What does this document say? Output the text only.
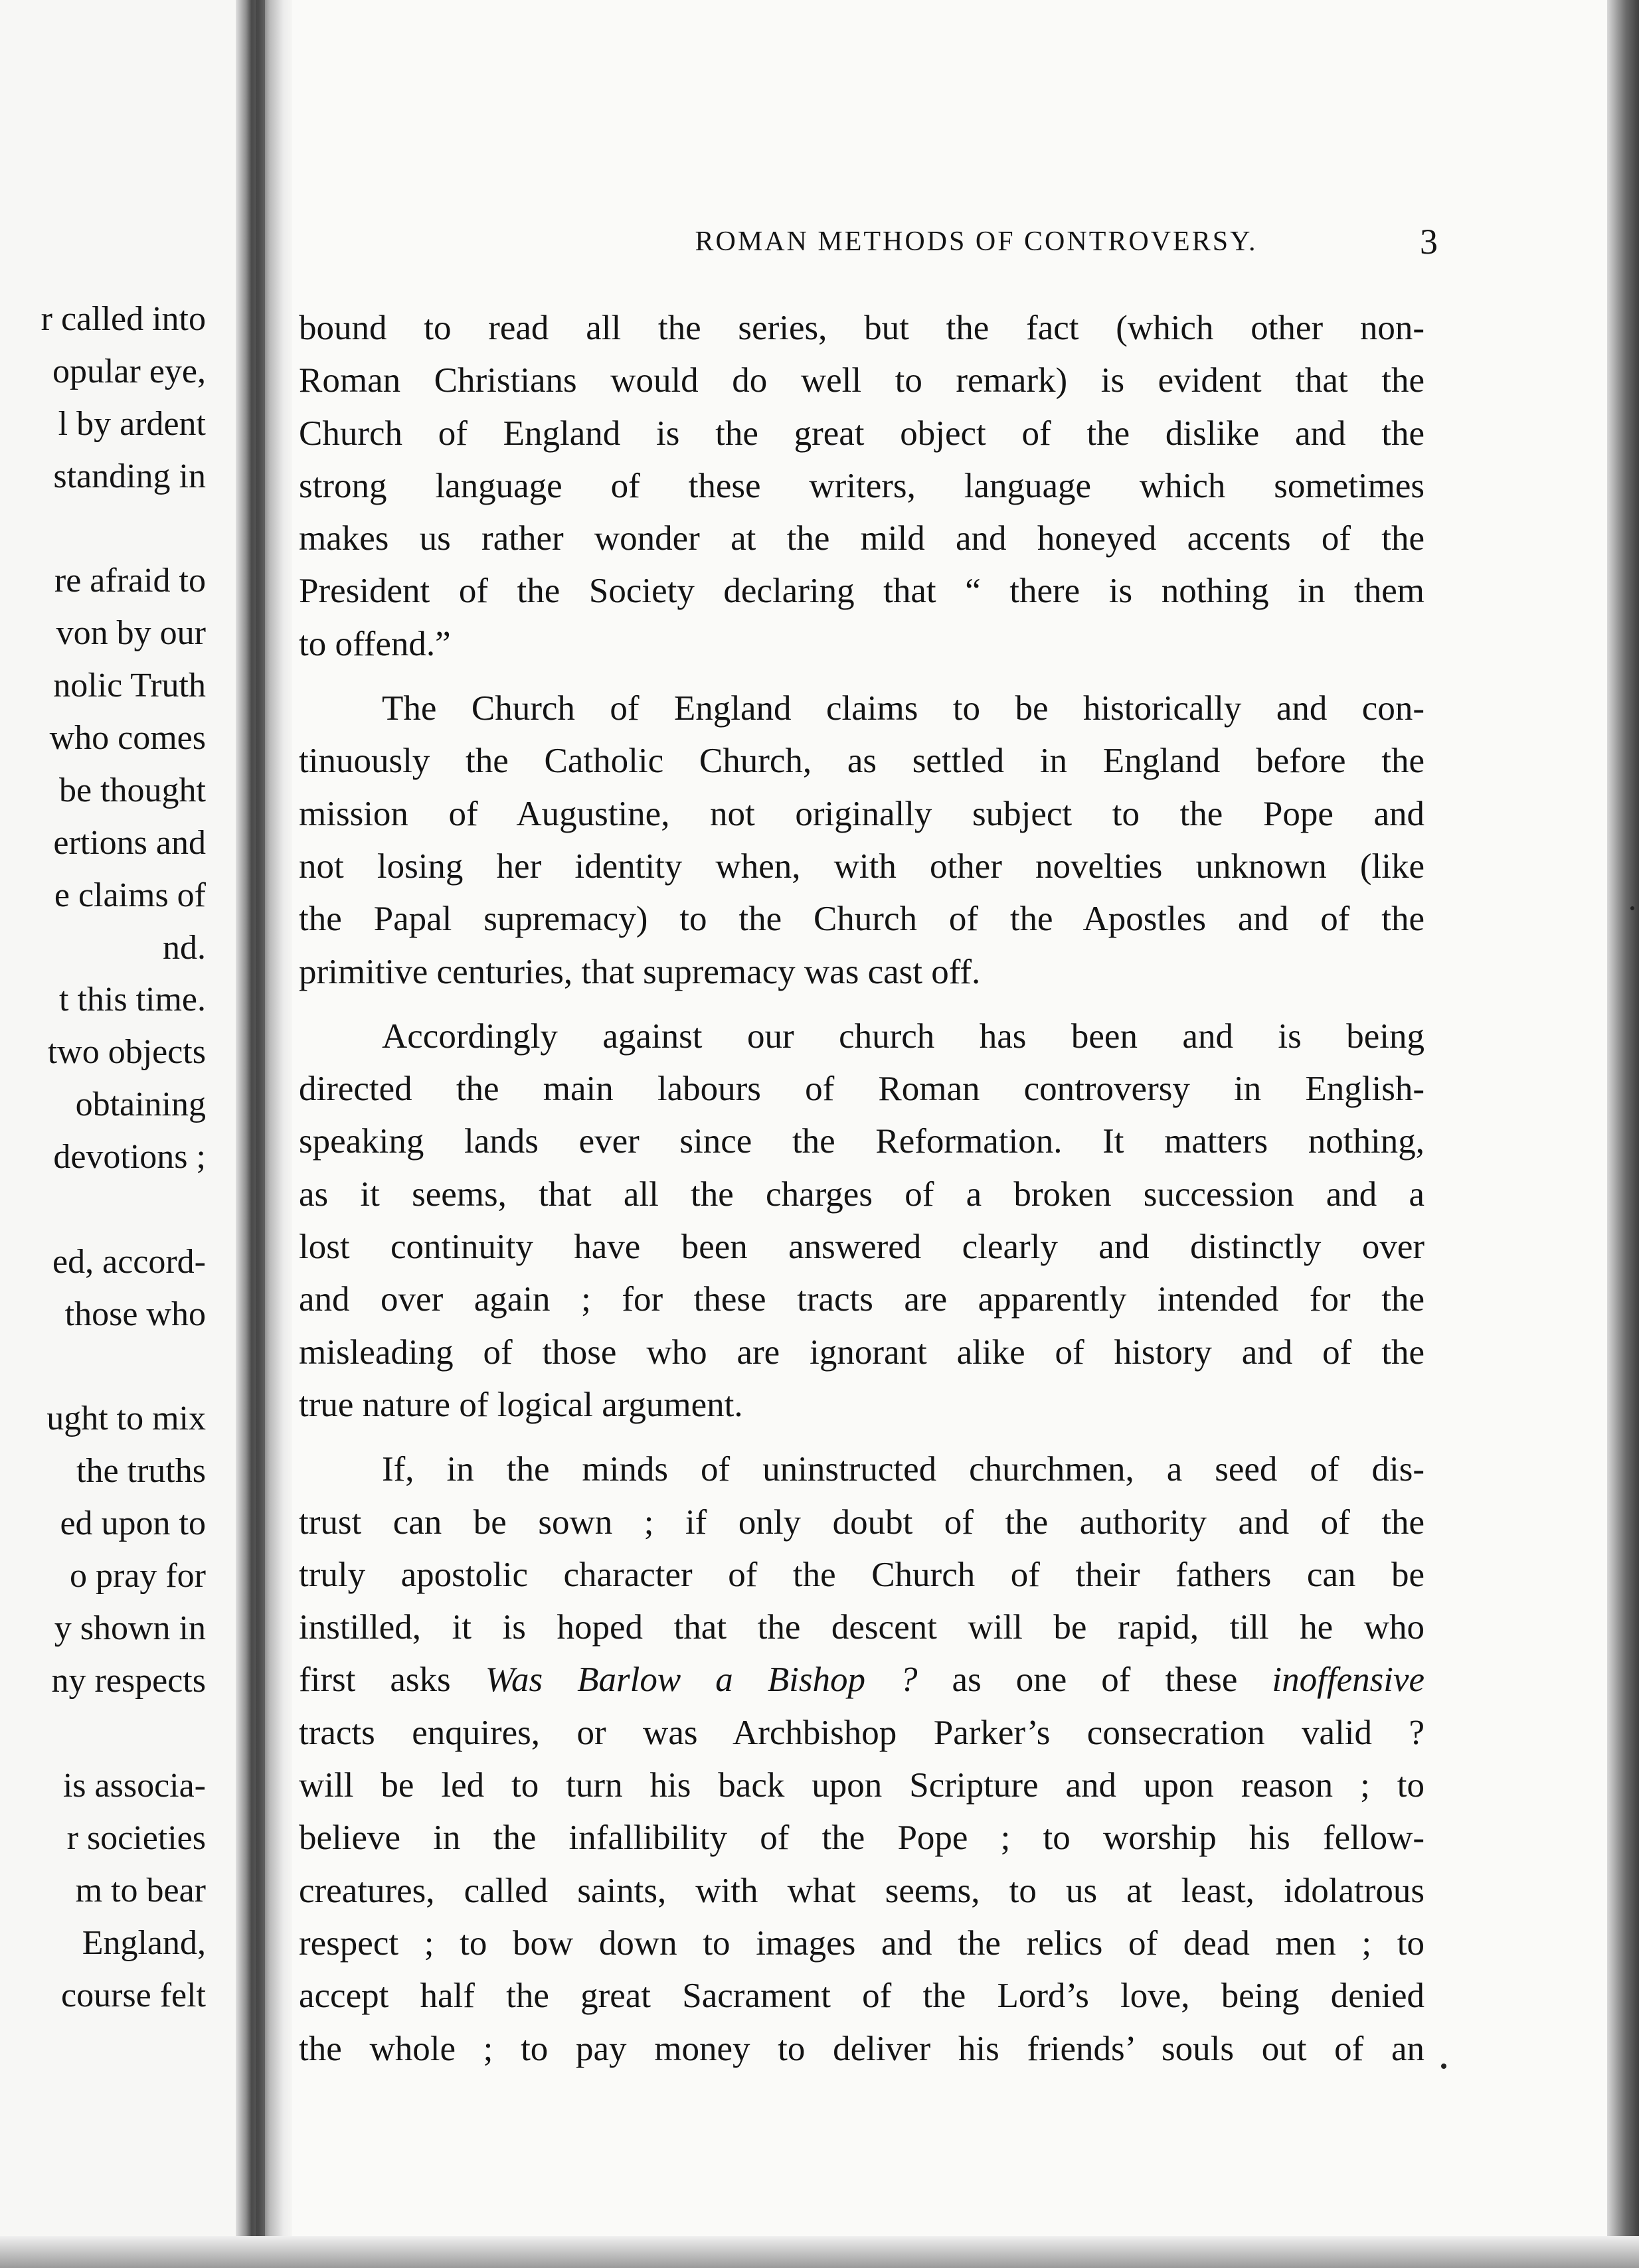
r called into
opular eye,
l by ardent
standing in
re afraid to
von by our
nolic Truth
who comes
be thought
ertions and
e claims of
nd.
t this time.
two objects
obtaining
devotions ;
ed, accord-
those who
ught to mix
the truths
ed upon to
o pray for
y shown in
ny respects
is associa-
r societies
m to bear
England,
course felt
ROMAN METHODS OF CONTROVERSY.	3
bound to read all the series, but the fact (which other non-
Roman Christians would do well to remark) is evident that the
Church of England is the great object of the dislike and the
strong language of these writers, language which sometimes
makes us rather wonder at the mild and honeyed accents of the
President of the Society declaring that “ there is nothing in them
to offend.”
The Church of England claims to be historically and con-
tinuously the Catholic Church, as settled in England before the
mission of Augustine, not originally subject to the Pope and
not losing her identity when, with other novelties unknown (like
the Papal supremacy) to the Church of the Apostles and of the
primitive centuries, that supremacy was cast off.
Accordingly against our church has been and is being
directed the main labours of Roman controversy in English-
speaking lands ever since the Reformation. It matters nothing,
as it seems, that all the charges of a broken succession and a
lost continuity have been answered clearly and distinctly over
and over again ; for these tracts are apparently intended for the
misleading of those who are ignorant alike of history and of the
true nature of logical argument.
If, in the minds of uninstructed churchmen, a seed of dis-
trust can be sown ; if only doubt of the authority and of the
truly apostolic character of the Church of their fathers can be
instilled, it is hoped that the descent will be rapid, till he who
first asks Was Barlow a Bishop ? as one of these inoffensive
tracts enquires, or was Archbishop Parker’s consecration valid ?
will be led to turn his back upon Scripture and upon reason ; to
believe in the infallibility of the Pope ; to worship his fellow-
creatures, called saints, with what seems, to us at least, idolatrous
respect ; to bow down to images and the relics of dead men ; to
accept half the great Sacrament of the Lord’s love, being denied
the whole ; to pay money to deliver his friends’ souls out of an
